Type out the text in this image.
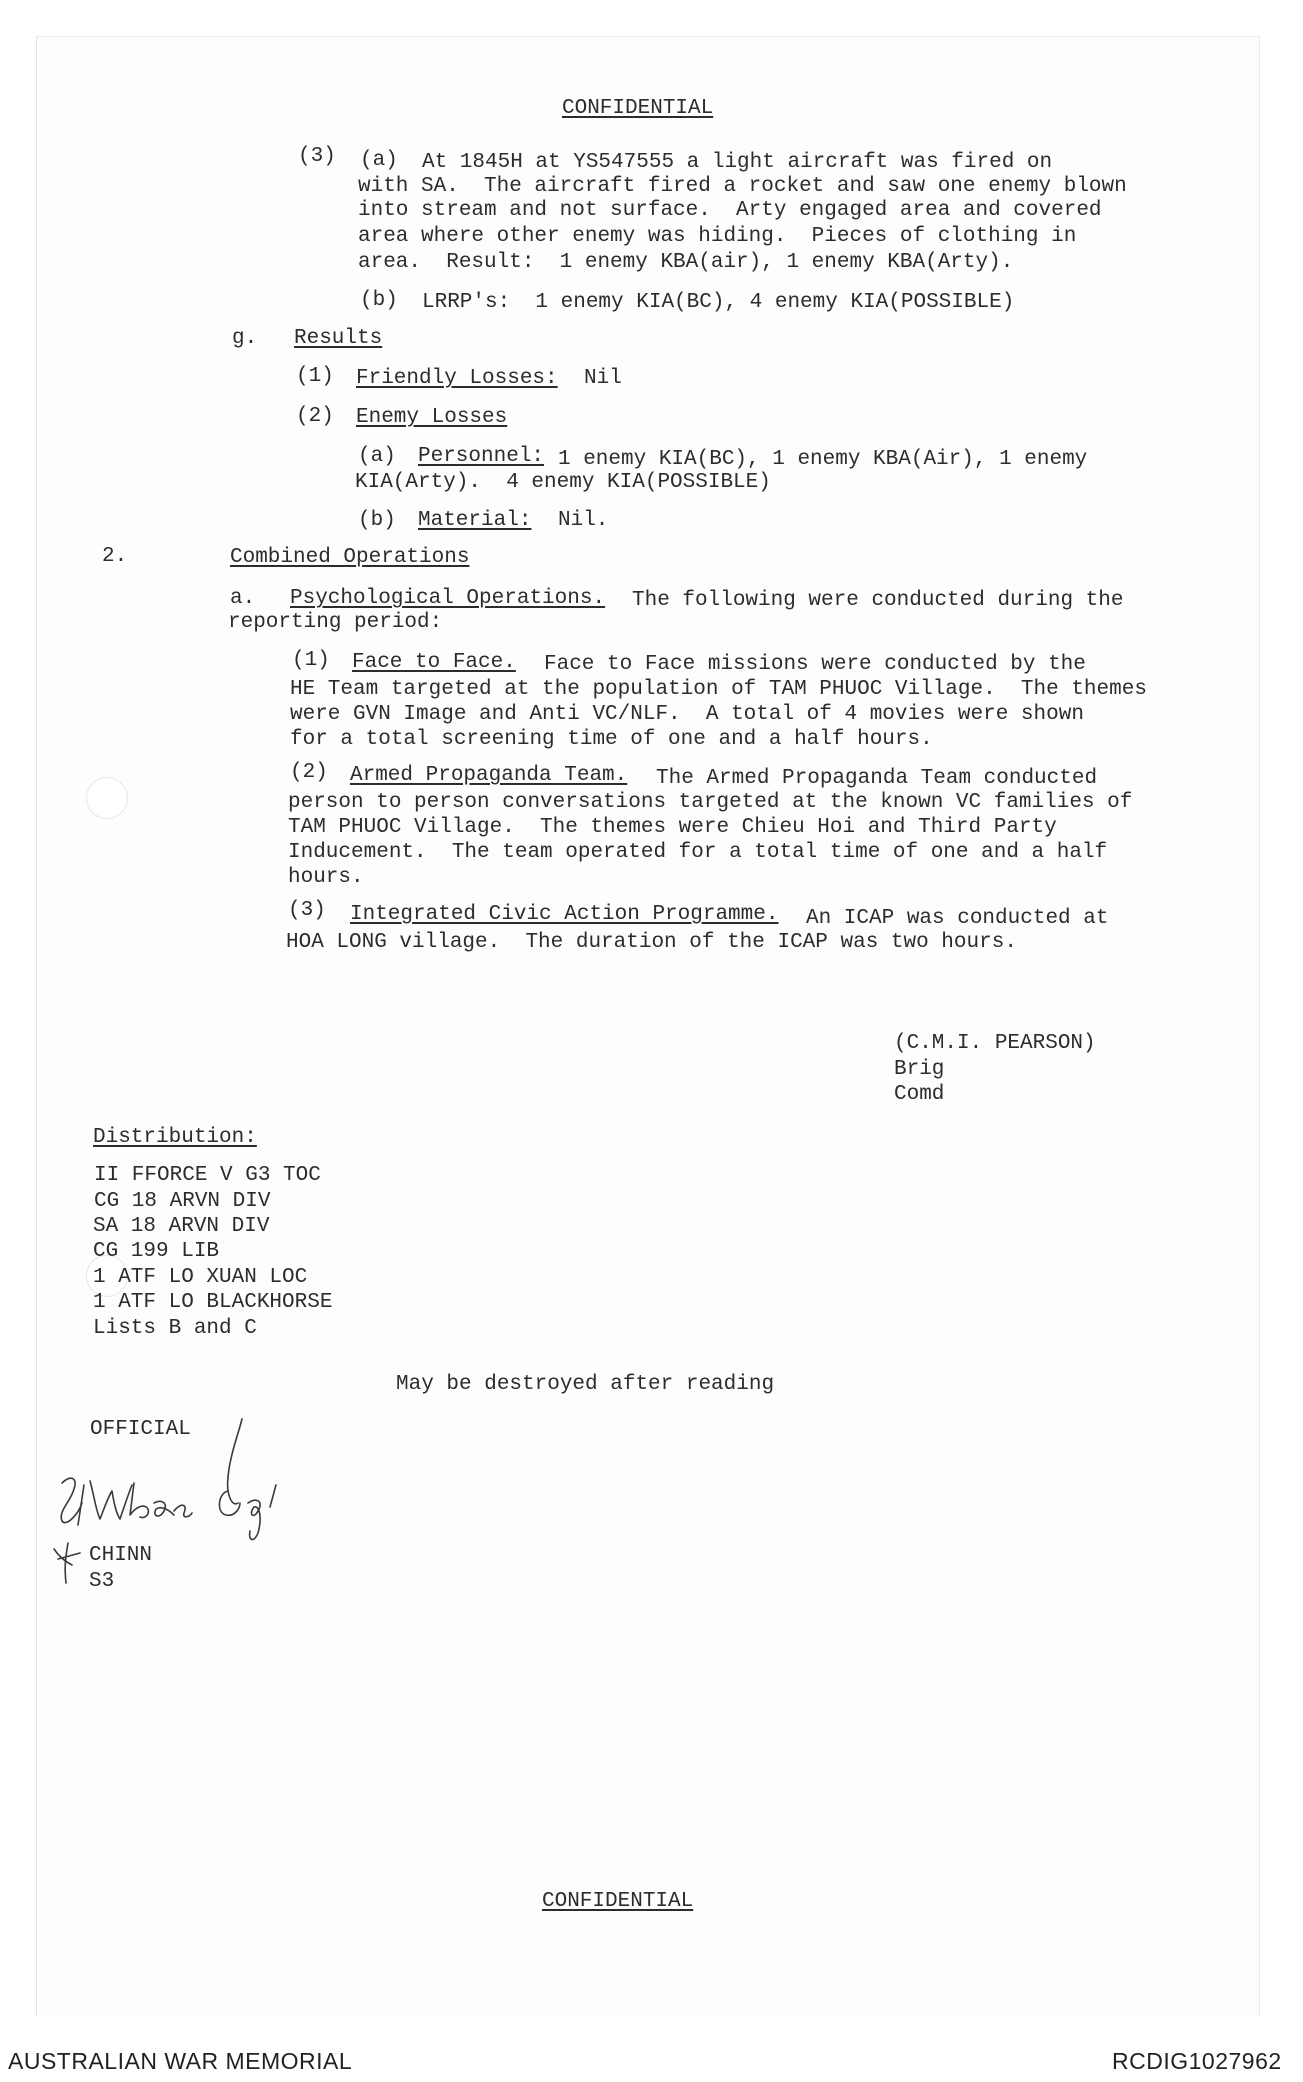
CONFIDENTIAL
(3) (a) At 1845H at YS547555 a light aircraft was fired on
with SA.  The aircraft fired a rocket and saw one enemy blown
into stream and not surface.  Arty engaged area and covered
area where other enemy was hiding.  Pieces of clothing in
area.  Result:  1 enemy KBA(air), 1 enemy KBA(Arty).
(b) LRRP's:  1 enemy KIA(BC), 4 enemy KIA(POSSIBLE)
g. Results
(1) Friendly Losses: Nil
(2) Enemy Losses
(a) Personnel: 1 enemy KIA(BC), 1 enemy KBA(Air), 1 enemy
KIA(Arty).  4 enemy KIA(POSSIBLE)
(b) Material: Nil.
2.	Combined Operations
a. Psychological Operations. The following were conducted during the
reporting period:
(1) Face to Face. Face to Face missions were conducted by the
HE Team targeted at the population of TAM PHUOC Village.  The themes
were GVN Image and Anti VC/NLF.  A total of 4 movies were shown
for a total screening time of one and a half hours.
(2) Armed Propaganda Team. The Armed Propaganda Team conducted
person to person conversations targeted at the known VC families of
TAM PHUOC Village.  The themes were Chieu Hoi and Third Party
Inducement.  The team operated for a total time of one and a half
hours.
(3) Integrated Civic Action Programme. An ICAP was conducted at
HOA LONG village.  The duration of the ICAP was two hours.
(C.M.I. PEARSON)
Brig
Comd
Distribution:
II FFORCE V G3 TOC
CG 18 ARVN DIV
SA 18 ARVN DIV
CG 199 LIB
1 ATF LO XUAN LOC
1 ATF LO BLACKHORSE
Lists B and C
May be destroyed after reading
OFFICIAL
CHINN
S3
CONFIDENTIAL
AUSTRALIAN WAR MEMORIAL	RCDIG1027962
